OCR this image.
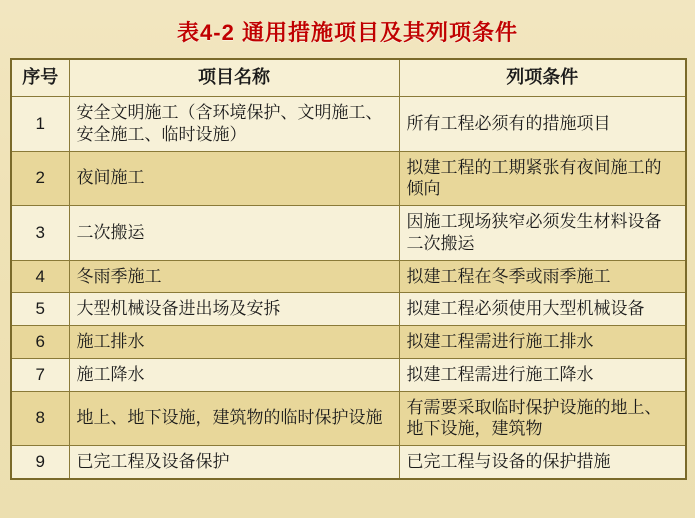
表4-2 通用措施项目及其列项条件
序号	项目名称	列项条件
1	安全文明施工（含环境保护、文明施工、安全施工、临时设施）	所有工程必须有的措施项目
2	夜间施工	拟建工程的工期紧张有夜间施工的倾向
3	二次搬运	因施工现场狭窄必须发生材料设备二次搬运
4	冬雨季施工	拟建工程在冬季或雨季施工
5	大型机械设备进出场及安拆	拟建工程必须使用大型机械设备
6	施工排水	拟建工程需进行施工排水
7	施工降水	拟建工程需进行施工降水
8	地上、地下设施，建筑物的临时保护设施	有需要采取临时保护设施的地上、地下设施，建筑物
9	已完工程及设备保护	已完工程与设备的保护措施
